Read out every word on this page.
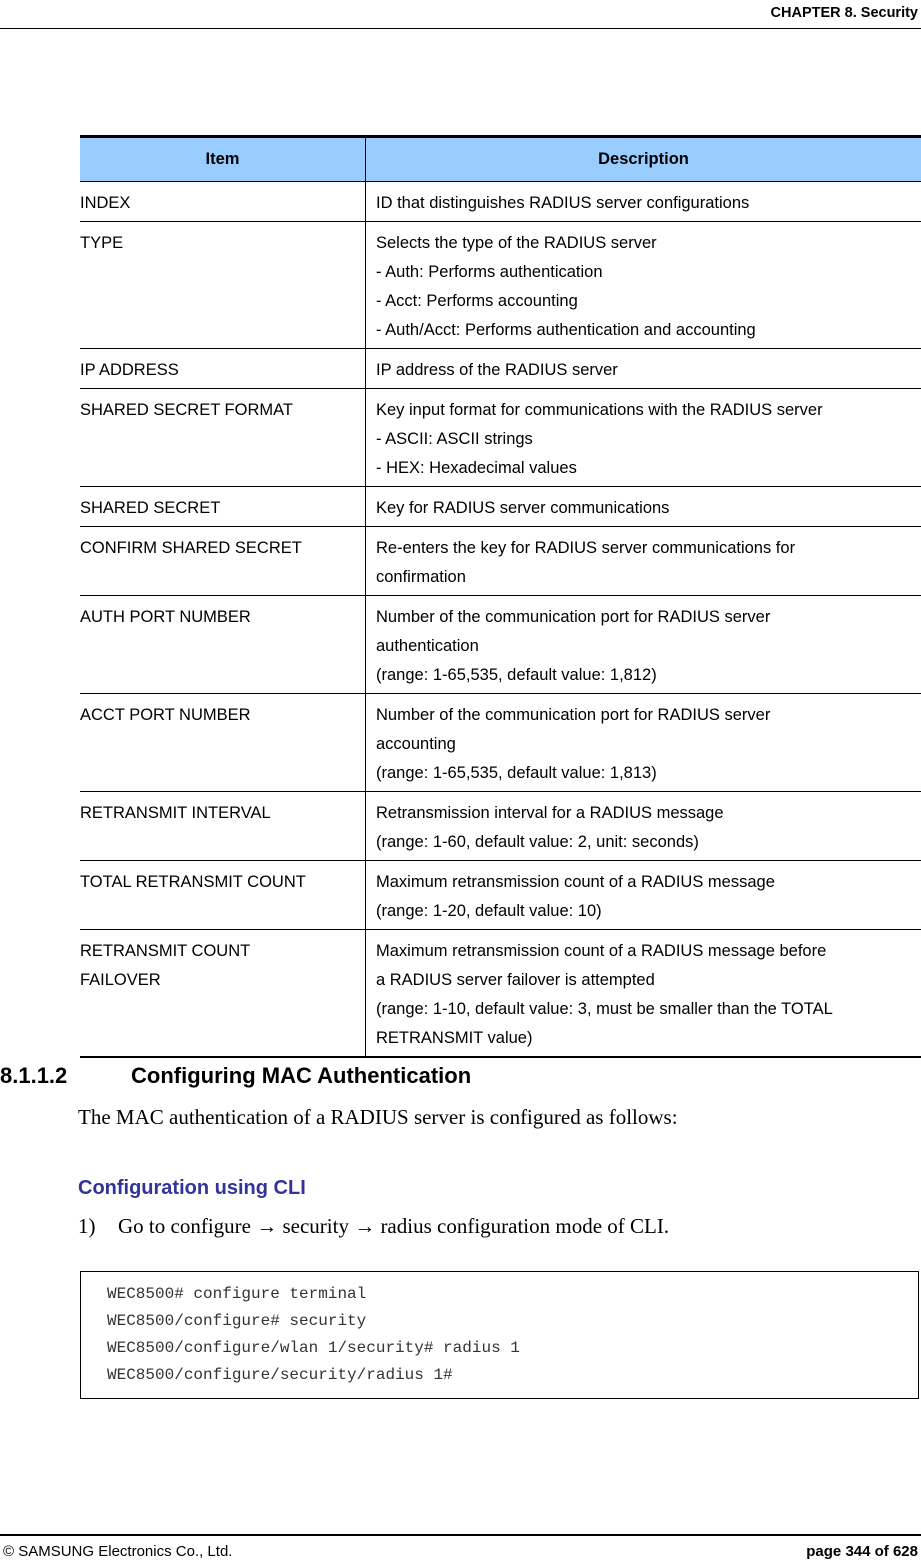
CHAPTER 8. Security
Item	Description

INDEX	ID that distinguishes RADIUS server configurations

TYPE	Selects the type of the RADIUS server
- Auth: Performs authentication
- Acct: Performs accounting
- Auth/Acct: Performs authentication and accounting

IP ADDRESS	IP address of the RADIUS server

SHARED SECRET FORMAT	Key input format for communications with the RADIUS server
- ASCII: ASCII strings
- HEX: Hexadecimal values

SHARED SECRET	Key for RADIUS server communications

CONFIRM SHARED SECRET	Re-enters the key for RADIUS server communications for
confirmation

AUTH PORT NUMBER	Number of the communication port for RADIUS server
authentication
(range: 1-65,535, default value: 1,812)

ACCT PORT NUMBER	Number of the communication port for RADIUS server
accounting
(range: 1-65,535, default value: 1,813)

RETRANSMIT INTERVAL	Retransmission interval for a RADIUS message
(range: 1-60, default value: 2, unit: seconds)

TOTAL RETRANSMIT COUNT	Maximum retransmission count of a RADIUS message
(range: 1-20, default value: 10)

RETRANSMIT COUNT
FAILOVER	Maximum retransmission count of a RADIUS message before
a RADIUS server failover is attempted
(range: 1-10, default value: 3, must be smaller than the TOTAL
RETRANSMIT value)
8.1.1.2	Configuring MAC Authentication
The MAC authentication of a RADIUS server is configured as follows:
Configuration using CLI
1) Go to configure → security → radius configuration mode of CLI.
WEC8500# configure terminal
WEC8500/configure# security
WEC8500/configure/wlan 1/security# radius 1
WEC8500/configure/security/radius 1#
© SAMSUNG Electronics Co., Ltd.	page 344 of 628
